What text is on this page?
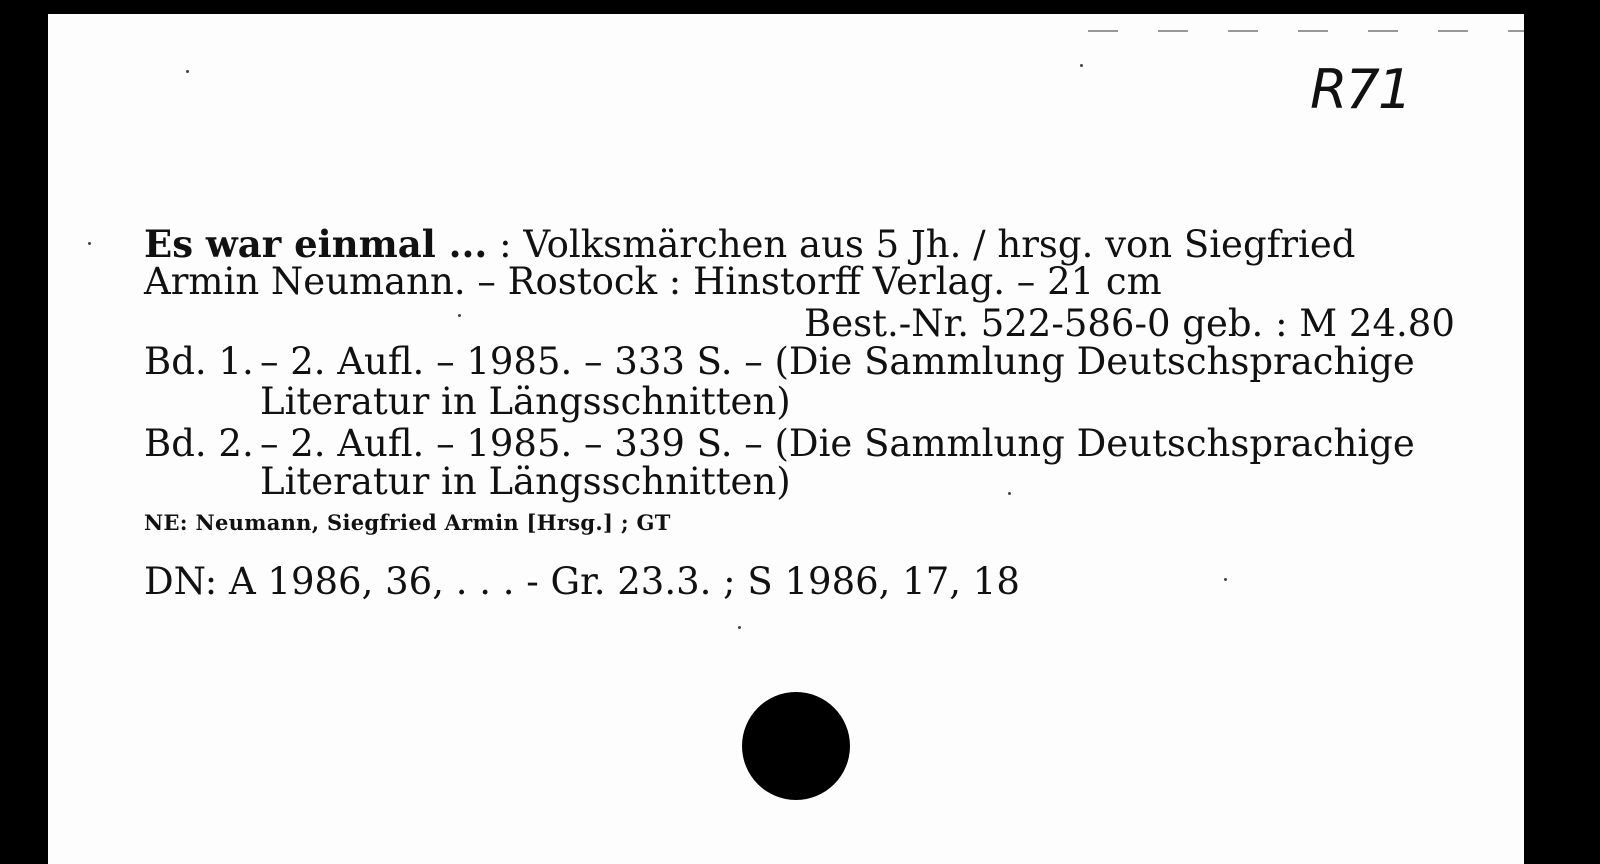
R71
Es war einmal ... : Volksmärchen aus 5 Jh. / hrsg. von Siegfried
Armin Neumann. – Rostock : Hinstorff Verlag. – 21 cm
Best.-Nr. 522-586-0 geb. : M 24.80
Bd. 1. – 2. Aufl. – 1985. – 333 S. – (Die Sammlung Deutschsprachige
Literatur in Längsschnitten)
Bd. 2. – 2. Aufl. – 1985. – 339 S. – (Die Sammlung Deutschsprachige
Literatur in Längsschnitten)
NE: Neumann, Siegfried Armin [Hrsg.] ; GT
DN: A 1986, 36, . . . - Gr. 23.3. ; S 1986, 17, 18
